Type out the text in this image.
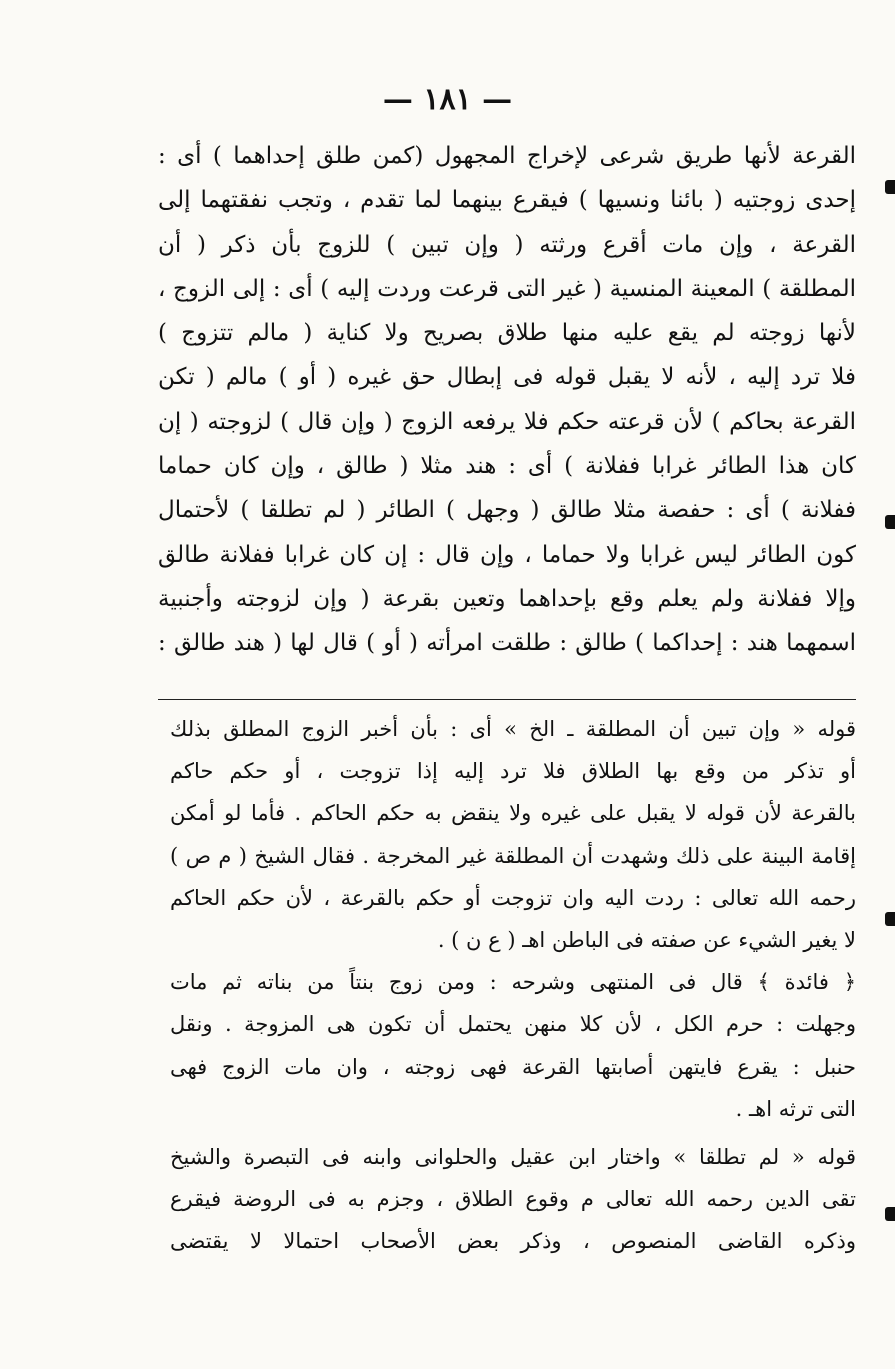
— ١٨١ —
القرعة لأنها طريق شرعى لإخراج المجهول (كمن طلق إحداهما ) أى :
إحدى زوجتيه ( بائنا ونسيها ) فيقرع بينهما لما تقدم ، وتجب نفقتهما إلى
القرعة ، وإن مات أقرع ورثته ( وإن تبين ) للزوج بأن ذكر ( أن
المطلقة ) المعينة المنسية ( غير التى قرعت وردت إليه ) أى : إلى الزوج ،
لأنها زوجته لم يقع عليه منها طلاق بصريح ولا كناية ( مالم تتزوج )
فلا ترد إليه ، لأنه لا يقبل قوله فى إبطال حق غيره ( أو ) مالم ( تكن
القرعة بحاكم ) لأن قرعته حكم فلا يرفعه الزوج ( وإن قال ) لزوجته ( إن
كان هذا الطائر غرابا ففلانة ) أى : هند مثلا ( طالق ، وإن كان حماما
ففلانة ) أى : حفصة مثلا طالق ( وجهل ) الطائر ( لم تطلقا ) لأحتمال
كون الطائر ليس غرابا ولا حماما ، وإن قال : إن كان غرابا ففلانة طالق
وإلا ففلانة ولم يعلم وقع بإحداهما وتعين بقرعة ( وإن لزوجته وأجنبية
اسمهما هند : إحداكما ) طالق : طلقت امرأته ( أو ) قال لها ( هند طالق :
قوله « وإن تبين أن المطلقة ـ الخ » أى : بأن أخبر الزوج المطلق بذلك
أو تذكر من وقع بها الطلاق فلا ترد إليه إذا تزوجت ، أو حكم حاكم
بالقرعة لأن قوله لا يقبل على غيره ولا ينقض به حكم الحاكم . فأما لو أمكن
إقامة البينة على ذلك وشهدت أن المطلقة غير المخرجة . فقال الشيخ ( م ص )
رحمه الله تعالى : ردت اليه وان تزوجت أو حكم بالقرعة ، لأن حكم الحاكم
لا يغير الشيء عن صفته فى الباطن اهـ ( ع ن ) .
﴿ فائدة ﴾ قال فى المنتهى وشرحه : ومن زوج بنتاً من بناته ثم مات
وجهلت : حرم الكل ، لأن كلا منهن يحتمل أن تكون هى المزوجة . ونقل
حنبل : يقرع فايتهن أصابتها القرعة فهى زوجته ، وان مات الزوج فهى
التى ترثه اهـ .
قوله « لم تطلقا » واختار ابن عقيل والحلوانى وابنه فى التبصرة والشيخ
تقى الدين رحمه الله تعالى م وقوع الطلاق ، وجزم به فى الروضة فيقرع
وذكره القاضى المنصوص ، وذكر بعض الأصحاب احتمالا لا يقتضى
